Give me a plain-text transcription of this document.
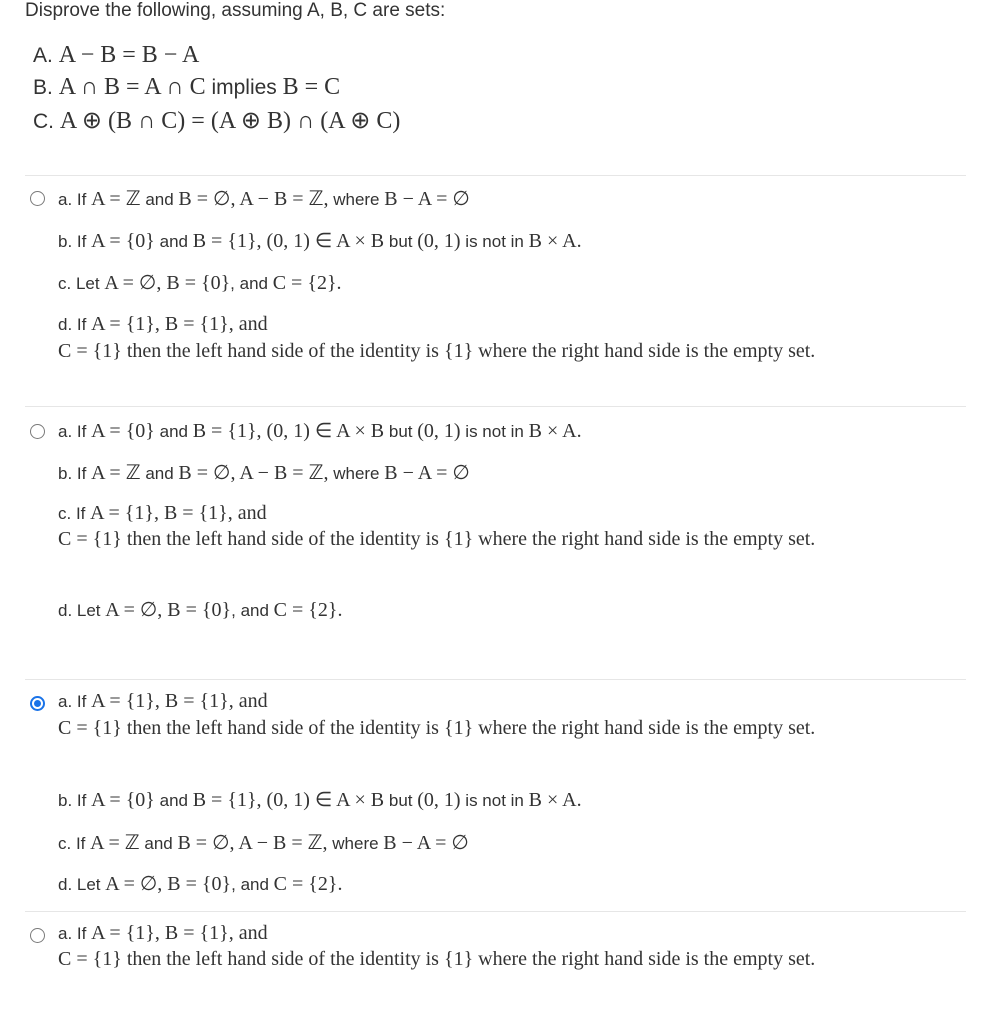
Disprove the following, assuming A, B, C are sets:
A. A − B = B − A
B. A ∩ B = A ∩ C implies B = C
C. A ⊕ (B ∩ C) = (A ⊕ B) ∩ (A ⊕ C)
a. If A = ℤ and B = ∅, A − B = ℤ, where B − A = ∅
b. If A = {0} and B = {1}, (0, 1) ∈ A × B but (0, 1) is not in B × A.
c. Let A = ∅, B = {0}, and C = {2}.
d. If A = {1}, B = {1}, and
C = {1} then the left hand side of the identity is {1} where the right hand side is the empty set.
a. If A = {0} and B = {1}, (0, 1) ∈ A × B but (0, 1) is not in B × A.
b. If A = ℤ and B = ∅, A − B = ℤ, where B − A = ∅
c. If A = {1}, B = {1}, and
C = {1} then the left hand side of the identity is {1} where the right hand side is the empty set.
d. Let A = ∅, B = {0}, and C = {2}.
a. If A = {1}, B = {1}, and
C = {1} then the left hand side of the identity is {1} where the right hand side is the empty set.
b. If A = {0} and B = {1}, (0, 1) ∈ A × B but (0, 1) is not in B × A.
c. If A = ℤ and B = ∅, A − B = ℤ, where B − A = ∅
d. Let A = ∅, B = {0}, and C = {2}.
a. If A = {1}, B = {1}, and
C = {1} then the left hand side of the identity is {1} where the right hand side is the empty set.
